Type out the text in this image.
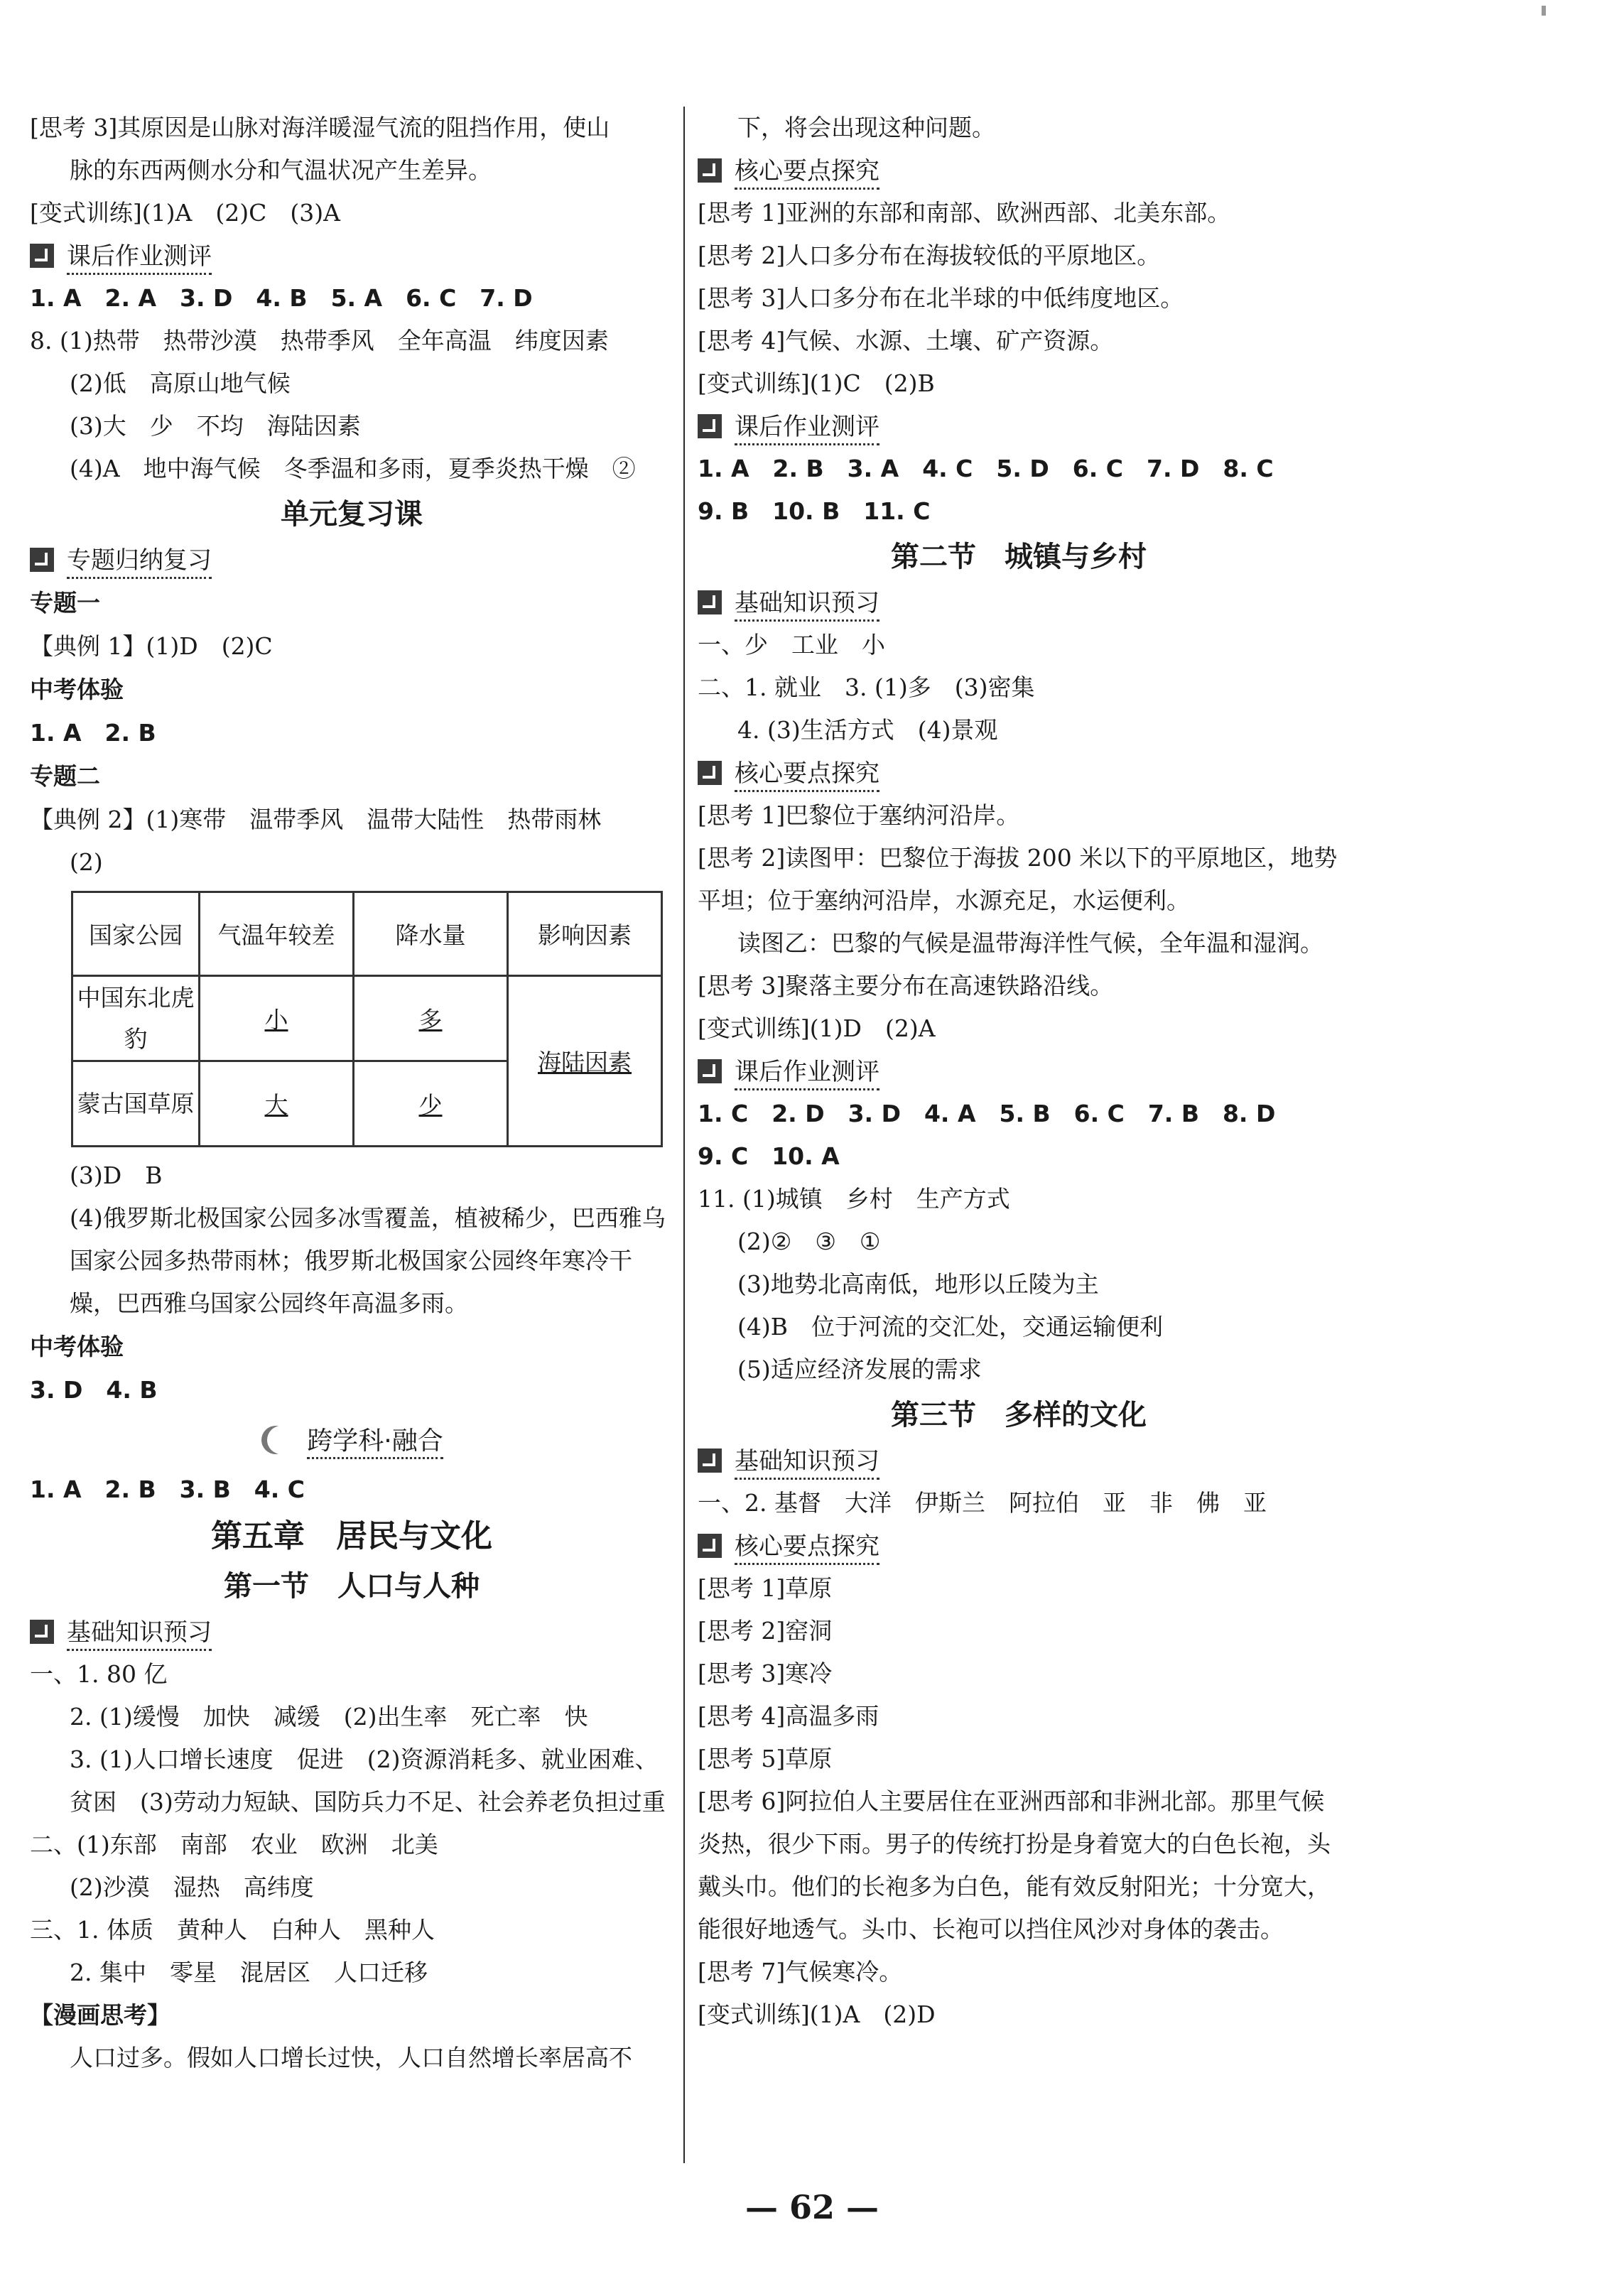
[思考 3]其原因是山脉对海洋暖湿气流的阻挡作用，使山
脉的东西两侧水分和气温状况产生差异。
[变式训练](1)A　(2)C　(3)A
课后作业测评
1. A　2. A　3. D　4. B　5. A　6. C　7. D
8. (1)热带　热带沙漠　热带季风　全年高温　纬度因素
(2)低　高原山地气候
(3)大　少　不均　海陆因素
(4)A　地中海气候　冬季温和多雨，夏季炎热干燥　②
单元复习课
专题归纳复习
专题一
【典例 1】(1)D　(2)C
中考体验
1. A　2. B
专题二
【典例 2】(1)寒带　温带季风　温带大陆性　热带雨林
(2)
国家公园	气温年较差	降水量	影响因素
中国东北虎豹	小	多	海陆因素
蒙古国草原	大	少	
(3)D　B
(4)俄罗斯北极国家公园多冰雪覆盖，植被稀少，巴西雅乌国家公园多热带雨林；俄罗斯北极国家公园终年寒冷干燥，巴西雅乌国家公园终年高温多雨。
中考体验
3. D　4. B
跨学科·融合
1. A　2. B　3. B　4. C
第五章　居民与文化
第一节　人口与人种
基础知识预习
一、1. 80 亿
2. (1)缓慢　加快　减缓　(2)出生率　死亡率　快
3. (1)人口增长速度　促进　(2)资源消耗多、就业困难、贫困　(3)劳动力短缺、国防兵力不足、社会养老负担过重
二、(1)东部　南部　农业　欧洲　北美
(2)沙漠　湿热　高纬度
三、1. 体质　黄种人　白种人　黑种人
2. 集中　零星　混居区　人口迁移
【漫画思考】
人口过多。假如人口增长过快，人口自然增长率居高不
下，将会出现这种问题。
核心要点探究
[思考 1]亚洲的东部和南部、欧洲西部、北美东部。
[思考 2]人口多分布在海拔较低的平原地区。
[思考 3]人口多分布在北半球的中低纬度地区。
[思考 4]气候、水源、土壤、矿产资源。
[变式训练](1)C　(2)B
课后作业测评
1. A　2. B　3. A　4. C　5. D　6. C　7. D　8. C
9. B　10. B　11. C
第二节　城镇与乡村
基础知识预习
一、少　工业　小
二、1. 就业　3. (1)多　(3)密集
4. (3)生活方式　(4)景观
核心要点探究
[思考 1]巴黎位于塞纳河沿岸。
[思考 2]读图甲：巴黎位于海拔 200 米以下的平原地区，地势平坦；位于塞纳河沿岸，水源充足，水运便利。
读图乙：巴黎的气候是温带海洋性气候，全年温和湿润。
[思考 3]聚落主要分布在高速铁路沿线。
[变式训练](1)D　(2)A
课后作业测评
1. C　2. D　3. D　4. A　5. B　6. C　7. B　8. D
9. C　10. A
11. (1)城镇　乡村　生产方式
(2)②　③　①
(3)地势北高南低，地形以丘陵为主
(4)B　位于河流的交汇处，交通运输便利
(5)适应经济发展的需求
第三节　多样的文化
基础知识预习
一、2. 基督　大洋　伊斯兰　阿拉伯　亚　非　佛　亚
核心要点探究
[思考 1]草原
[思考 2]窑洞
[思考 3]寒冷
[思考 4]高温多雨
[思考 5]草原
[思考 6]阿拉伯人主要居住在亚洲西部和非洲北部。那里气候炎热，很少下雨。男子的传统打扮是身着宽大的白色长袍，头戴头巾。他们的长袍多为白色，能有效反射阳光；十分宽大，能很好地透气。头巾、长袍可以挡住风沙对身体的袭击。
[思考 7]气候寒冷。
[变式训练](1)A　(2)D
— 62 —
